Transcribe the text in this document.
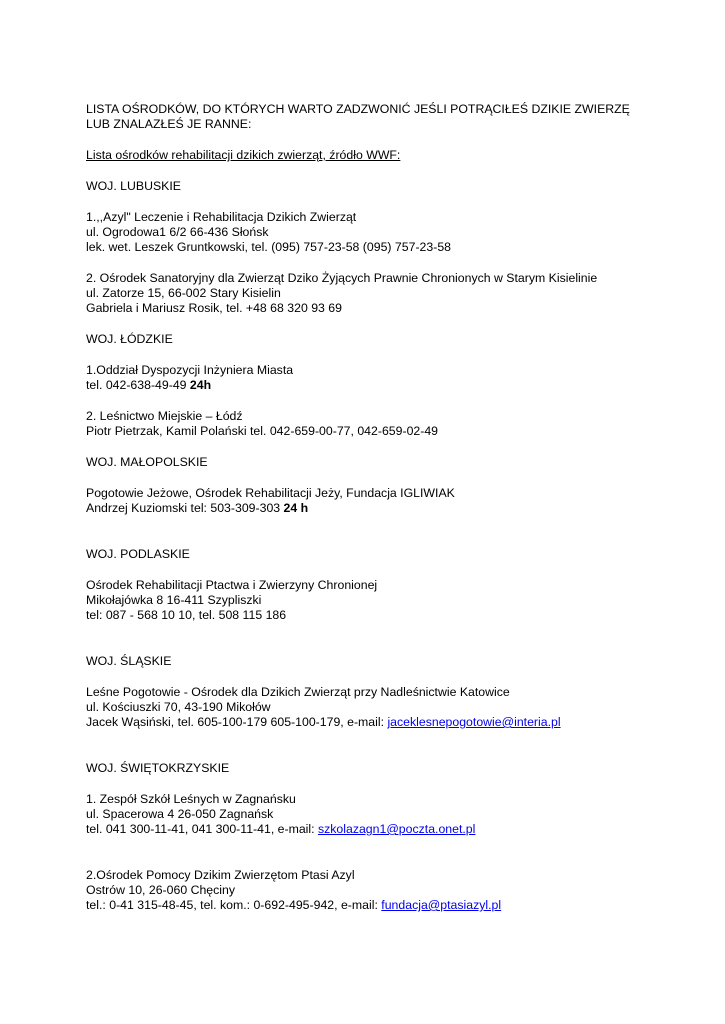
LISTA OŚRODKÓW, DO KTÓRYCH WARTO ZADZWONIĆ JEŚLI POTRĄCIŁEŚ DZIKIE ZWIERZĘ
LUB ZNALAZŁEŚ JE RANNE:
Lista ośrodków rehabilitacji dzikich zwierząt, źródło WWF:
WOJ. LUBUSKIE
1.,,Azyl" Leczenie i Rehabilitacja Dzikich Zwierząt
ul. Ogrodowa1 6/2 66-436 Słońsk
lek. wet. Leszek Gruntkowski, tel. (095) 757-23-58 (095) 757-23-58
2. Ośrodek Sanatoryjny dla Zwierząt Dziko Żyjących Prawnie Chronionych w Starym Kisielinie
ul. Zatorze 15, 66-002 Stary Kisielin
Gabriela i Mariusz Rosik, tel. +48 68 320 93 69
WOJ. ŁÓDZKIE
1.Oddział Dyspozycji Inżyniera Miasta
tel. 042-638-49-49 24h
2. Leśnictwo Miejskie – Łódź
Piotr Pietrzak, Kamil Polański tel. 042-659-00-77, 042-659-02-49
WOJ. MAŁOPOLSKIE
Pogotowie Jeżowe, Ośrodek Rehabilitacji Jeży, Fundacja IGLIWIAK
Andrzej Kuziomski tel: 503-309-303 24 h
WOJ. PODLASKIE
Ośrodek Rehabilitacji Ptactwa i Zwierzyny Chronionej
Mikołajówka 8 16-411 Szypliszki
tel: 087 - 568 10 10, tel. 508 115 186
WOJ. ŚLĄSKIE
Leśne Pogotowie - Ośrodek dla Dzikich Zwierząt przy Nadleśnictwie Katowice
ul. Kościuszki 70, 43-190 Mikołów
Jacek Wąsiński, tel. 605-100-179 605-100-179, e-mail: jaceklesnepogotowie@interia.pl
WOJ. ŚWIĘTOKRZYSKIE
1. Zespół Szkół Leśnych w Zagnańsku
ul. Spacerowa 4 26-050 Zagnańsk
tel. 041 300-11-41, 041 300-11-41, e-mail: szkolazagn1@poczta.onet.pl
2.Ośrodek Pomocy Dzikim Zwierzętom Ptasi Azyl
Ostrów 10, 26-060 Chęciny
tel.: 0-41 315-48-45, tel. kom.: 0-692-495-942, e-mail: fundacja@ptasiazyl.pl
